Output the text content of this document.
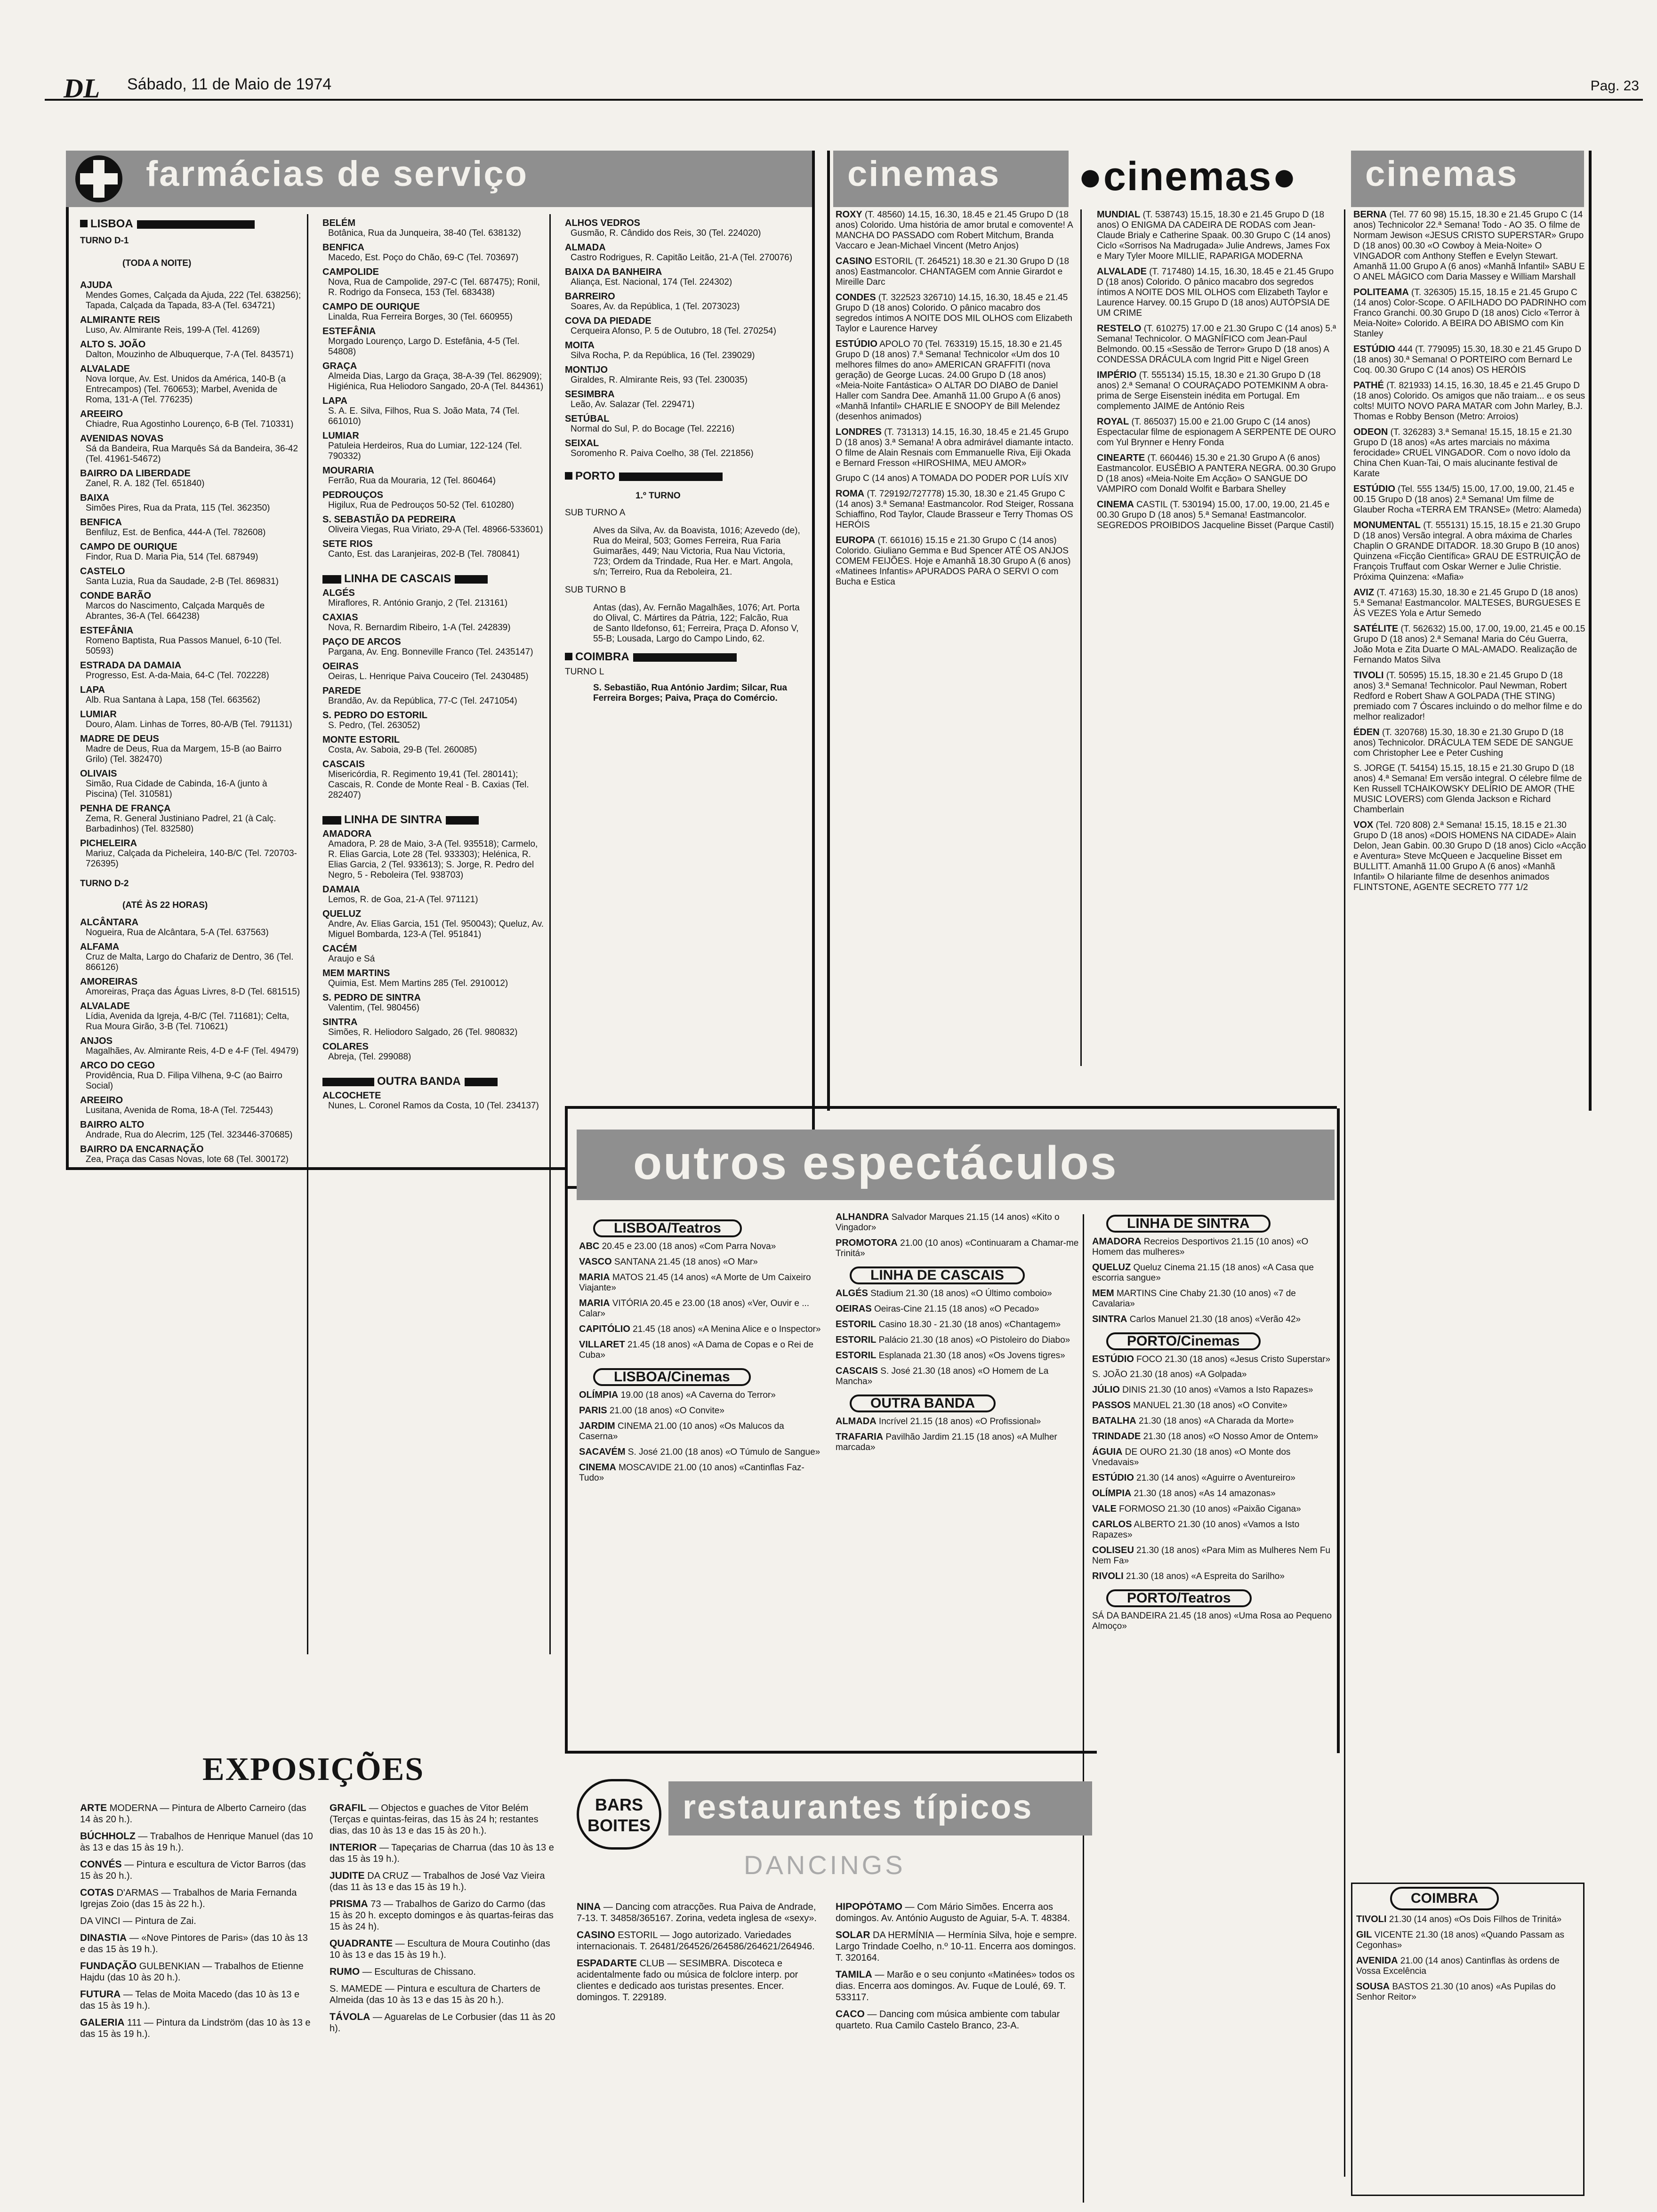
DL Sábado, 11 de Maio de 1974	Pag. 23
farmácias de serviço	cinemas	●cinemas●	cinemas
LISBOA
TURNO D-1
(TODA A NOITE)
AJUDA
Mendes Gomes, Calçada da Ajuda, 222 (Tel. 638256); Tapada, Calçada da Tapada, 83-A (Tel. 634721)
ALMIRANTE REIS
Luso, Av. Almirante Reis, 199-A (Tel. 41269)
ALTO S. JOÃO
Dalton, Mouzinho de Albuquerque, 7-A (Tel. 843571)
ALVALADE
Nova Iorque, Av. Est. Unidos da América, 140-B (a Entrecampos) (Tel. 760653); Marbel, Avenida de Roma, 131-A (Tel. 776235)
AREEIRO
Chiadre, Rua Agostinho Lourenço, 6-B (Tel. 710331)
AVENIDAS NOVAS
Sá da Bandeira, Rua Marquês Sá da Bandeira, 36-42 (Tel. 41961-54672)
BAIRRO DA LIBERDADE
Zanel, R. A. 182 (Tel. 651840)
BAIXA
Simões Pires, Rua da Prata, 115 (Tel. 362350)
BENFICA
Benfiluz, Est. de Benfica, 444-A (Tel. 782608)
CAMPO DE OURIQUE
Findor, Rua D. Maria Pia, 514 (Tel. 687949)
CASTELO
Santa Luzia, Rua da Saudade, 2-B (Tel. 869831)
CONDE BARÃO
Marcos do Nascimento, Calçada Marquês de Abrantes, 36-A (Tel. 664238)
ESTEFÂNIA
Romeno Baptista, Rua Passos Manuel, 6-10 (Tel. 50593)
ESTRADA DA DAMAIA
Progresso, Est. A-da-Maia, 64-C (Tel. 702228)
LAPA
Alb. Rua Santana à Lapa, 158 (Tel. 663562)
LUMIAR
Douro, Alam. Linhas de Torres, 80-A/B (Tel. 791131)
MADRE DE DEUS
Madre de Deus, Rua da Margem, 15-B (ao Bairro Grilo) (Tel. 382470)
OLIVAIS
Simão, Rua Cidade de Cabinda, 16-A (junto à Piscina) (Tel. 310581)
PENHA DE FRANÇA
Zema, R. General Justiniano Padrel, 21 (à Calç. Barbadinhos) (Tel. 832580)
PICHELEIRA
Mariuz, Calçada da Picheleira, 140-B/C (Tel. 720703-726395)
TURNO D-2
(ATÉ ÀS 22 HORAS)
ALCÂNTARA
Nogueira, Rua de Alcântara, 5-A (Tel. 637563)
ALFAMA
Cruz de Malta, Largo do Chafariz de Dentro, 36 (Tel. 866126)
AMOREIRAS
Amoreiras, Praça das Águas Livres, 8-D (Tel. 681515)
ALVALADE
Lídia, Avenida da Igreja, 4-B/C (Tel. 711681); Celta, Rua Moura Girão, 3-B (Tel. 710621)
ANJOS
Magalhães, Av. Almirante Reis, 4-D e 4-F (Tel. 49479)
ARCO DO CEGO
Providência, Rua D. Filipa Vilhena, 9-C (ao Bairro Social)
AREEIRO
Lusitana, Avenida de Roma, 18-A (Tel. 725443)
BAIRRO ALTO
Andrade, Rua do Alecrim, 125 (Tel. 323446-370685)
BAIRRO DA ENCARNAÇÃO
Zea, Praça das Casas Novas, lote 68 (Tel. 300172)
BELÉM
Botânica, Rua da Junqueira, 38-40 (Tel. 638132)
BENFICA
Macedo, Est. Poço do Chão, 69-C (Tel. 703697)
CAMPOLIDE
Nova, Rua de Campolide, 297-C (Tel. 687475); Ronil, R. Rodrigo da Fonseca, 153 (Tel. 683438)
CAMPO DE OURIQUE
Linalda, Rua Ferreira Borges, 30 (Tel. 660955)
ESTEFÂNIA
Morgado Lourenço, Largo D. Estefânia, 4-5 (Tel. 54808)
GRAÇA
Almeida Dias, Largo da Graça, 38-A-39 (Tel. 862909); Higiénica, Rua Heliodoro Sangado, 20-A (Tel. 844361)
LAPA
S. A. E. Silva, Filhos, Rua S. João Mata, 74 (Tel. 661010)
LUMIAR
Patuleia Herdeiros, Rua do Lumiar, 122-124 (Tel. 790332)
MOURARIA
Ferrão, Rua da Mouraria, 12 (Tel. 860464)
PEDROUÇOS
Higilux, Rua de Pedrouços 50-52 (Tel. 610280)
S. SEBASTIÃO DA PEDREIRA
Oliveira Viegas, Rua Viriato, 29-A (Tel. 48966-533601)
SETE RIOS
Canto, Est. das Laranjeiras, 202-B (Tel. 780841)
LINHA DE CASCAIS
ALGÉS
Miraflores, R. António Granjo, 2 (Tel. 213161)
CAXIAS
Nova, R. Bernardim Ribeiro, 1-A (Tel. 242839)
PAÇO DE ARCOS
Pargana, Av. Eng. Bonneville Franco (Tel. 2435147)
OEIRAS
Oeiras, L. Henrique Paiva Couceiro (Tel. 2430485)
PAREDE
Brandão, Av. da República, 77-C (Tel. 2471054)
S. PEDRO DO ESTORIL
S. Pedro, (Tel. 263052)
MONTE ESTORIL
Costa, Av. Saboia, 29-B (Tel. 260085)
CASCAIS
Misericórdia, R. Regimento 19,41 (Tel. 280141); Cascais, R. Conde de Monte Real - B. Caxias (Tel. 282407)
LINHA DE SINTRA
AMADORA
Amadora, P. 28 de Maio, 3-A (Tel. 935518); Carmelo, R. Elias Garcia, Lote 28 (Tel. 933303); Helénica, R. Elias Garcia, 2 (Tel. 933613); S. Jorge, R. Pedro del Negro, 5 - Reboleira (Tel. 938703)
DAMAIA
Lemos, R. de Goa, 21-A (Tel. 971121)
QUELUZ
Andre, Av. Elias Garcia, 151 (Tel. 950043); Queluz, Av. Miguel Bombarda, 123-A (Tel. 951841)
CACÉM
Araujo e Sá
MEM MARTINS
Quimia, Est. Mem Martins 285 (Tel. 2910012)
S. PEDRO DE SINTRA
Valentim, (Tel. 980456)
SINTRA
Simões, R. Heliodoro Salgado, 26 (Tel. 980832)
COLARES
Abreja, (Tel. 299088)
OUTRA BANDA
ALCOCHETE
Nunes, L. Coronel Ramos da Costa, 10 (Tel. 234137)
ALHOS VEDROS
Gusmão, R. Cândido dos Reis, 30 (Tel. 224020)
ALMADA
Castro Rodrigues, R. Capitão Leitão, 21-A (Tel. 270076)
BAIXA DA BANHEIRA
Aliança, Est. Nacional, 174 (Tel. 224302)
BARREIRO
Soares, Av. da República, 1 (Tel. 2073023)
COVA DA PIEDADE
Cerqueira Afonso, P. 5 de Outubro, 18 (Tel. 270254)
MOITA
Silva Rocha, P. da República, 16 (Tel. 239029)
MONTIJO
Giraldes, R. Almirante Reis, 93 (Tel. 230035)
SESIMBRA
Leão, Av. Salazar (Tel. 229471)
SETÚBAL
Normal do Sul, P. do Bocage (Tel. 22216)
SEIXAL
Soromenho R. Paiva Coelho, 38 (Tel. 221856)
PORTO
1.º TURNO
SUB TURNO A
Alves da Silva, Av. da Boavista, 1016; Azevedo (de), Rua do Meiral, 503; Gomes Ferreira, Rua Faria Guimarães, 449; Nau Victoria, Rua Nau Victoria, 723; Ordem da Trindade, Rua Her. e Mart. Angola, s/n; Terreiro, Rua da Reboleira, 21.
SUB TURNO B
Antas (das), Av. Fernão Magalhães, 1076; Art. Porta do Olival, C. Mártires da Pátria, 122; Falcão, Rua de Santo Ildefonso, 61; Ferreira, Praça D. Afonso V, 55-B; Lousada, Largo do Campo Lindo, 62.
COIMBRA
TURNO L
S. Sebastião, Rua António Jardim; Silcar, Rua Ferreira Borges; Paiva, Praça do Comércio.
ROXY (T. 48560) 14.15, 16.30, 18.45 e 21.45 Grupo D (18 anos) Colorido. Uma história de amor brutal e comovente! A MANCHA DO PASSADO com Robert Mitchum, Branda Vaccaro e Jean-Michael Vincent (Metro Anjos)
CASINO ESTORIL (T. 264521) 18.30 e 21.30 Grupo D (18 anos) Eastmancolor. CHANTAGEM com Annie Girardot e Mireille Darc
CONDES (T. 322523 326710) 14.15, 16.30, 18.45 e 21.45 Grupo D (18 anos) Colorido. O pânico macabro dos segredos íntimos A NOITE DOS MIL OLHOS com Elizabeth Taylor e Laurence Harvey
ESTÚDIO APOLO 70 (Tel. 763319) 15.15, 18.30 e 21.45 Grupo D (18 anos) 7.ª Semana! Technicolor «Um dos 10 melhores filmes do ano» AMERICAN GRAFFITI (nova geração) de George Lucas. 24.00 Grupo D (18 anos) «Meia-Noite Fantástica» O ALTAR DO DIABO de Daniel Haller com Sandra Dee. Amanhã 11.00 Grupo A (6 anos) «Manhã Infantil» CHARLIE E SNOOPY de Bill Melendez (desenhos animados)
LONDRES (T. 731313) 14.15, 16.30, 18.45 e 21.45 Grupo D (18 anos) 3.ª Semana! A obra admirável diamante intacto. O filme de Alain Resnais com Emmanuelle Riva, Eiji Okada e Bernard Fresson «HIROSHIMA, MEU AMOR»
Grupo C (14 anos) A TOMADA DO PODER POR LUÍS XIV
ROMA (T. 729192/727778) 15.30, 18.30 e 21.45 Grupo C (14 anos) 3.ª Semana! Eastmancolor. Rod Steiger, Rossana Schiaffino, Rod Taylor, Claude Brasseur e Terry Thomas OS HERÓIS
EUROPA (T. 661016) 15.15 e 21.30 Grupo C (14 anos) Colorido. Giuliano Gemma e Bud Spencer ATÉ OS ANJOS COMEM FEIJÕES. Hoje e Amanhã 18.30 Grupo A (6 anos) «Matinees Infantis» APURADOS PARA O SERVI O com Bucha e Estica
MUNDIAL (T. 538743) 15.15, 18.30 e 21.45 Grupo D (18 anos) O ENIGMA DA CADEIRA DE RODAS com Jean-Claude Brialy e Catherine Spaak. 00.30 Grupo C (14 anos) Ciclo «Sorrisos Na Madrugada» Julie Andrews, James Fox e Mary Tyler Moore MILLIE, RAPARIGA MODERNA
ALVALADE (T. 717480) 14.15, 16.30, 18.45 e 21.45 Grupo D (18 anos) Colorido. O pânico macabro dos segredos íntimos A NOITE DOS MIL OLHOS com Elizabeth Taylor e Laurence Harvey. 00.15 Grupo D (18 anos) AUTÓPSIA DE UM CRIME
RESTELO (T. 610275) 17.00 e 21.30 Grupo C (14 anos) 5.ª Semana! Technicolor. O MAGNÍFICO com Jean-Paul Belmondo. 00.15 «Sessão de Terror» Grupo D (18 anos) A CONDESSA DRÁCULA com Ingrid Pitt e Nigel Green
IMPÉRIO (T. 555134) 15.15, 18.30 e 21.30 Grupo D (18 anos) 2.ª Semana! O COURAÇADO POTEMKINM A obra-prima de Serge Eisenstein inédita em Portugal. Em complemento JAIME de António Reis
ROYAL (T. 865037) 15.00 e 21.00 Grupo C (14 anos) Espectacular filme de espionagem A SERPENTE DE OURO com Yul Brynner e Henry Fonda
CINEARTE (T. 660446) 15.30 e 21.30 Grupo A (6 anos) Eastmancolor. EUSÉBIO A PANTERA NEGRA. 00.30 Grupo D (18 anos) «Meia-Noite Em Acção» O SANGUE DO VAMPIRO com Donald Wolfit e Barbara Shelley
CINEMA CASTIL (T. 530194) 15.00, 17.00, 19.00, 21.45 e 00.30 Grupo D (18 anos) 5.ª Semana! Eastmancolor. SEGREDOS PROIBIDOS Jacqueline Bisset (Parque Castil)
BERNA (Tel. 77 60 98) 15.15, 18.30 e 21.45 Grupo C (14 anos) Technicolor 22.ª Semana! Todo - AO 35. O filme de Normam Jewison «JESUS CRISTO SUPERSTAR» Grupo D (18 anos) 00.30 «O Cowboy à Meia-Noite» O VINGADOR com Anthony Steffen e Evelyn Stewart. Amanhã 11.00 Grupo A (6 anos) «Manhã Infantil» SABU E O ANEL MÁGICO com Daria Massey e William Marshall
POLITEAMA (T. 326305) 15.15, 18.15 e 21.45 Grupo C (14 anos) Color-Scope. O AFILHADO DO PADRINHO com Franco Granchi. 00.30 Grupo D (18 anos) Ciclo «Terror à Meia-Noite» Colorido. A BEIRA DO ABISMO com Kin Stanley
ESTÚDIO 444 (T. 779095) 15.30, 18.30 e 21.45 Grupo D (18 anos) 30.ª Semana! O PORTEIRO com Bernard Le Coq. 00.30 Grupo C (14 anos) OS HERÓIS
PATHÉ (T. 821933) 14.15, 16.30, 18.45 e 21.45 Grupo D (18 anos) Colorido. Os amigos que não traiam... e os seus colts! MUITO NOVO PARA MATAR com John Marley, B.J. Thomas e Robby Benson (Metro: Arroios)
ODEON (T. 326283) 3.ª Semana! 15.15, 18.15 e 21.30 Grupo D (18 anos) «As artes marciais no máxima ferocidade» CRUEL VINGADOR. Com o novo ídolo da China Chen Kuan-Tai, O mais alucinante festival de Karate
ESTÚDIO (Tel. 555 134/5) 15.00, 17.00, 19.00, 21.45 e 00.15 Grupo D (18 anos) 2.ª Semana! Um filme de Glauber Rocha «TERRA EM TRANSE» (Metro: Alameda)
MONUMENTAL (T. 555131) 15.15, 18.15 e 21.30 Grupo D (18 anos) Versão integral. A obra máxima de Charles Chaplin O GRANDE DITADOR. 18.30 Grupo B (10 anos) Quinzena «Ficção Científica» GRAU DE ESTRUIÇÃO de François Truffaut com Oskar Werner e Julie Christie. Próxima Quinzena: «Mafia»
AVIZ (T. 47163) 15.30, 18.30 e 21.45 Grupo D (18 anos) 5.ª Semana! Eastmancolor. MALTESES, BURGUESES E ÀS VEZES Yola e Artur Semedo
SATÉLITE (T. 562632) 15.00, 17.00, 19.00, 21.45 e 00.15 Grupo D (18 anos) 2.ª Semana! Maria do Céu Guerra, João Mota e Zita Duarte O MAL-AMADO. Realização de Fernando Matos Silva
TIVOLI (T. 50595) 15.15, 18.30 e 21.45 Grupo D (18 anos) 3.ª Semana! Technicolor. Paul Newman, Robert Redford e Robert Shaw A GOLPADA (THE STING) premiado com 7 Óscares incluindo o do melhor filme e do melhor realizador!
ÉDEN (T. 320768) 15.30, 18.30 e 21.30 Grupo D (18 anos) Technicolor. DRÁCULA TEM SEDE DE SANGUE com Christopher Lee e Peter Cushing
S. JORGE (T. 54154) 15.15, 18.15 e 21.30 Grupo D (18 anos) 4.ª Semana! Em versão integral. O célebre filme de Ken Russell TCHAIKOWSKY DELÍRIO DE AMOR (THE MUSIC LOVERS) com Glenda Jackson e Richard Chamberlain
VOX (Tel. 720 808) 2.ª Semana! 15.15, 18.15 e 21.30 Grupo D (18 anos) «DOIS HOMENS NA CIDADE» Alain Delon, Jean Gabin. 00.30 Grupo D (18 anos) Ciclo «Acção e Aventura» Steve McQueen e Jacqueline Bisset em BULLITT. Amanhã 11.00 Grupo A (6 anos) «Manhã Infantil» O hilariante filme de desenhos animados FLINTSTONE, AGENTE SECRETO 777 1/2
outros espectáculos
LISBOA/Teatros
ABC 20.45 e 23.00 (18 anos) «Com Parra Nova»
VASCO SANTANA 21.45 (18 anos) «O Mar»
MARIA MATOS 21.45 (14 anos) «A Morte de Um Caixeiro Viajante»
MARIA VITÓRIA 20.45 e 23.00 (18 anos) «Ver, Ouvir e ... Calar»
CAPITÓLIO 21.45 (18 anos) «A Menina Alice e o Inspector»
VILLARET 21.45 (18 anos) «A Dama de Copas e o Rei de Cuba»
LISBOA/Cinemas
OLÍMPIA 19.00 (18 anos) «A Caverna do Terror»
PARIS 21.00 (18 anos) «O Convite»
JARDIM CINEMA 21.00 (10 anos) «Os Malucos da Caserna»
SACAVÉM S. José 21.00 (18 anos) «O Túmulo de Sangue»
CINEMA MOSCAVIDE 21.00 (10 anos) «Cantinflas Faz-Tudo»
ALHANDRA Salvador Marques 21.15 (14 anos) «Kito o Vingador»
PROMOTORA 21.00 (10 anos) «Continuaram a Chamar-me Trinitá»
LINHA DE CASCAIS
ALGÉS Stadium 21.30 (18 anos) «O Último comboio»
OEIRAS Oeiras-Cine 21.15 (18 anos) «O Pecado»
ESTORIL Casino 18.30 - 21.30 (18 anos) «Chantagem»
ESTORIL Palácio 21.30 (18 anos) «O Pistoleiro do Diabo»
ESTORIL Esplanada 21.30 (18 anos) «Os Jovens tigres»
CASCAIS S. José 21.30 (18 anos) «O Homem de La Mancha»
OUTRA BANDA
ALMADA Incrível 21.15 (18 anos) «O Profissional»
TRAFARIA Pavilhão Jardim 21.15 (18 anos) «A Mulher marcada»
LINHA DE SINTRA
AMADORA Recreios Desportivos 21.15 (10 anos) «O Homem das mulheres»
QUELUZ Queluz Cinema 21.15 (18 anos) «A Casa que escorria sangue»
MEM MARTINS Cine Chaby 21.30 (10 anos) «7 de Cavalaria»
SINTRA Carlos Manuel 21.30 (18 anos) «Verão 42»
PORTO/Cinemas
ESTÚDIO FOCO 21.30 (18 anos) «Jesus Cristo Superstar»
S. JOÃO 21.30 (18 anos) «A Golpada»
JÚLIO DINIS 21.30 (10 anos) «Vamos a Isto Rapazes»
PASSOS MANUEL 21.30 (18 anos) «O Convite»
BATALHA 21.30 (18 anos) «A Charada da Morte»
TRINDADE 21.30 (18 anos) «O Nosso Amor de Ontem»
ÁGUIA DE OURO 21.30 (18 anos) «O Monte dos Vnedavais»
ESTÚDIO 21.30 (14 anos) «Aguirre o Aventureiro»
OLÍMPIA 21.30 (18 anos) «As 14 amazonas»
VALE FORMOSO 21.30 (10 anos) «Paixão Cigana»
CARLOS ALBERTO 21.30 (10 anos) «Vamos a Isto Rapazes»
COLISEU 21.30 (18 anos) «Para Mim as Mulheres Nem Fu Nem Fa»
RIVOLI 21.30 (18 anos) «A Espreita do Sarilho»
PORTO/Teatros
SÁ DA BANDEIRA 21.45 (18 anos) «Uma Rosa ao Pequeno Almoço»
COIMBRA
TIVOLI 21.30 (14 anos) «Os Dois Filhos de Trinitá»
GIL VICENTE 21.30 (18 anos) «Quando Passam as Cegonhas»
AVENIDA 21.00 (14 anos) Cantinflas às ordens de Vossa Excelência
SOUSA BASTOS 21.30 (10 anos) «As Pupilas do Senhor Reitor»
EXPOSIÇÕES
ARTE MODERNA — Pintura de Alberto Carneiro (das 14 às 20 h.).
BÚCHHOLZ — Trabalhos de Henrique Manuel (das 10 às 13 e das 15 às 19 h.).
CONVÉS — Pintura e escultura de Victor Barros (das 15 às 20 h.).
COTAS D'ARMAS — Trabalhos de Maria Fernanda Igrejas Zoio (das 15 às 22 h.).
DA VINCI — Pintura de Zai.
DINASTIA — «Nove Pintores de Paris» (das 10 às 13 e das 15 às 19 h.).
FUNDAÇÃO GULBENKIAN — Trabalhos de Etienne Hajdu (das 10 às 20 h.).
FUTURA — Telas de Moita Macedo (das 10 às 13 e das 15 às 19 h.).
GALERIA 111 — Pintura da Lindström (das 10 às 13 e das 15 às 19 h.).
GRAFIL — Objectos e guaches de Vitor Belém (Terças e quintas-feiras, das 15 às 24 h; restantes dias, das 10 às 13 e das 15 às 20 h.).
INTERIOR — Tapeçarias de Charrua (das 10 às 13 e das 15 às 19 h.).
JUDITE DA CRUZ — Trabalhos de José Vaz Vieira (das 11 às 13 e das 15 às 19 h.).
PRISMA 73 — Trabalhos de Garizo do Carmo (das 15 às 20 h. excepto domingos e às quartas-feiras das 15 às 24 h).
QUADRANTE — Escultura de Moura Coutinho (das 10 às 13 e das 15 às 19 h.).
RUMO — Esculturas de Chissano.
S. MAMEDE — Pintura e escultura de Charters de Almeida (das 10 às 13 e das 15 às 20 h.).
TÁVOLA — Aguarelas de Le Corbusier (das 11 às 20 h).
BARS BOITES restaurantes típicos
DANCINGS
NINA — Dancing com atracções. Rua Paiva de Andrade, 7-13. T. 34858/365167. Zorina, vedeta inglesa de «sexy».
CASINO ESTORIL — Jogo autorizado. Variedades internacionais. T. 26481/264526/264586/264621/264946.
ESPADARTE CLUB — SESIMBRA. Discoteca e acidentalmente fado ou música de folclore interp. por clientes e dedicado aos turistas presentes. Encer. domingos. T. 229189.
HIPOPÓTAMO — Com Mário Simões. Encerra aos domingos. Av. António Augusto de Aguiar, 5-A. T. 48384.
SOLAR DA HERMÍNIA — Hermínia Silva, hoje e sempre. Largo Trindade Coelho, n.º 10-11. Encerra aos domingos. T. 320164.
TAMILA — Marão e o seu conjunto «Matinées» todos os dias. Encerra aos domingos. Av. Fuque de Loulé, 69. T. 533117.
CACO — Dancing com música ambiente com tabular quarteto. Rua Camilo Castelo Branco, 23-A.
